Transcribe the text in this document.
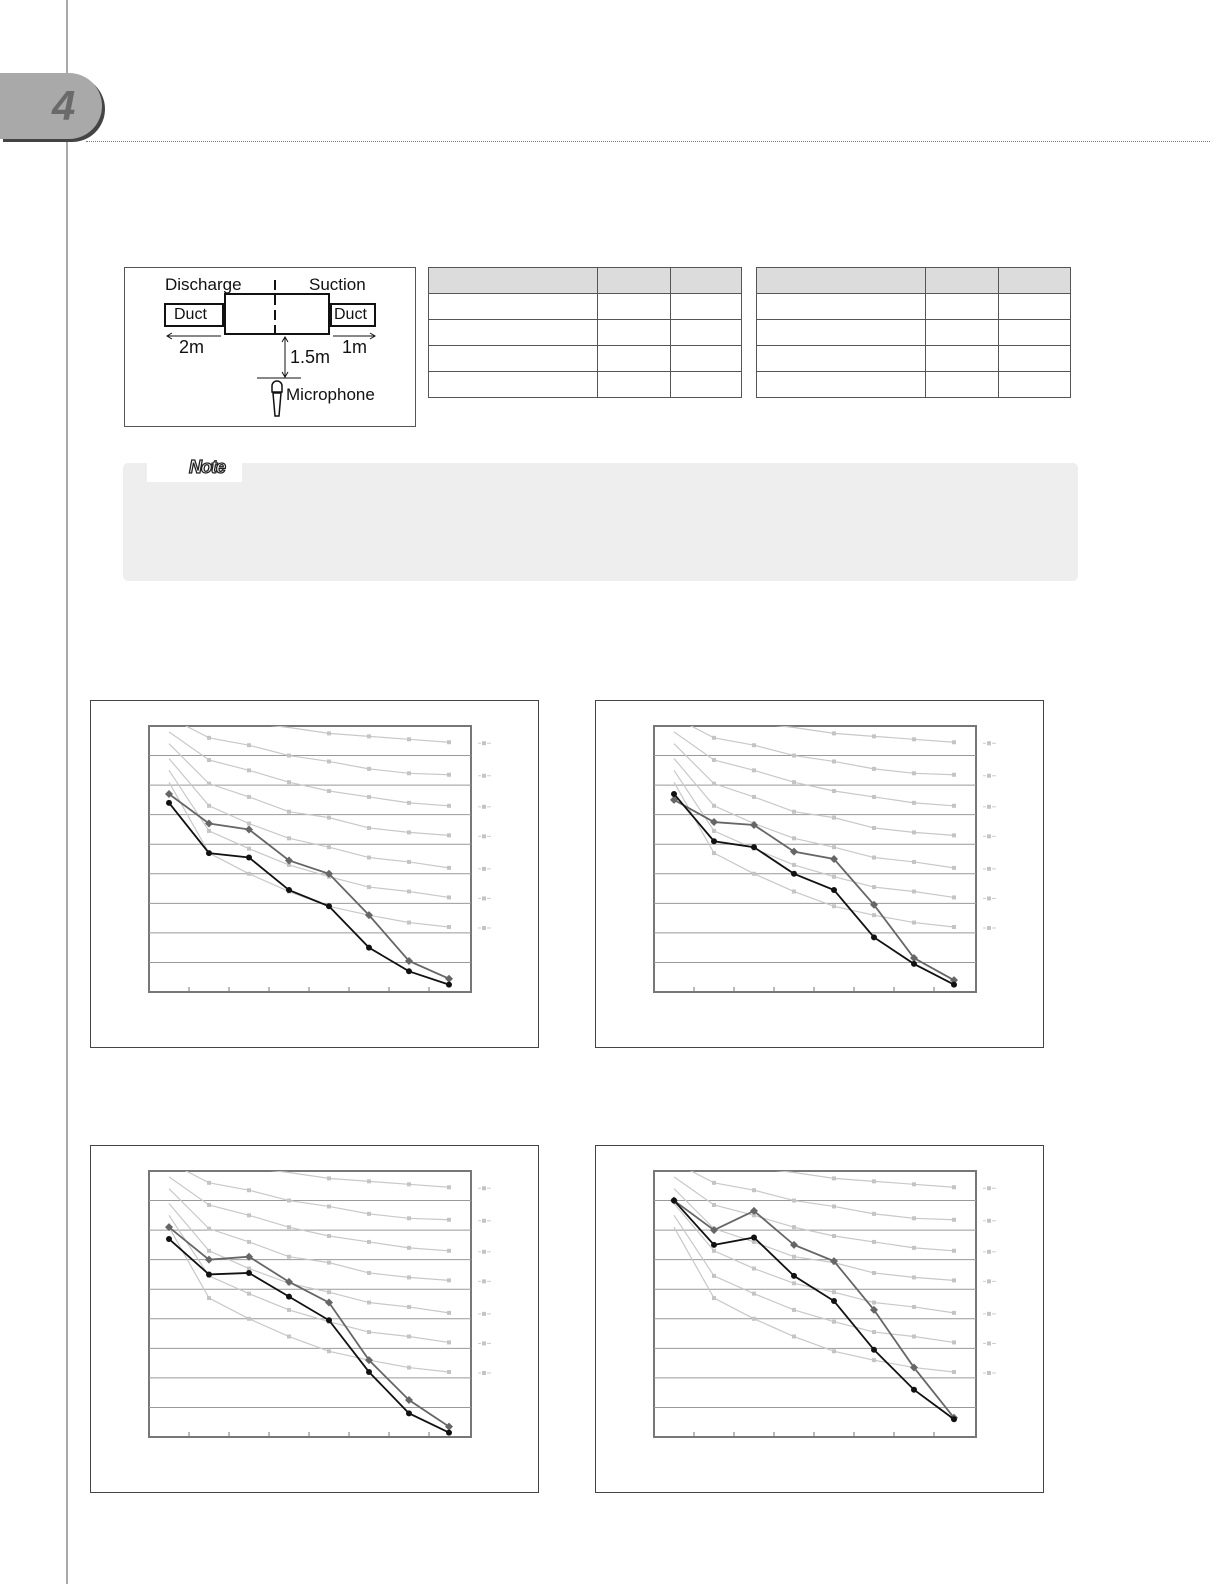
4
Discharge	Suction
Duct	Duct
2m	1m
1.5m
Microphone

Note
